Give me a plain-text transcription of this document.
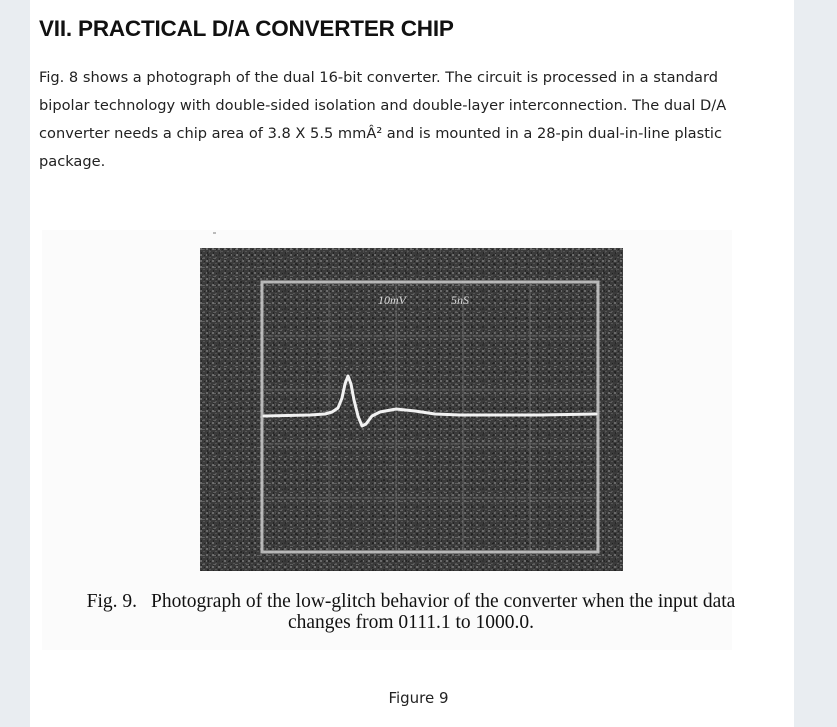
VII. PRACTICAL D/A CONVERTER CHIP

Fig. 8 shows a photograph of the dual 16-bit converter. The circuit is processed in a standard bipolar technology with double-sided isolation and double-layer interconnection. The dual D/A converter needs a chip area of 3.8 X 5.5 mmÂ² and is mounted in a 28-pin dual-in-line plastic package.

10mV	5nS

Fig. 9. Photograph of the low-glitch behavior of the converter when the input data changes from 0111.1 to 1000.0.

Figure 9
